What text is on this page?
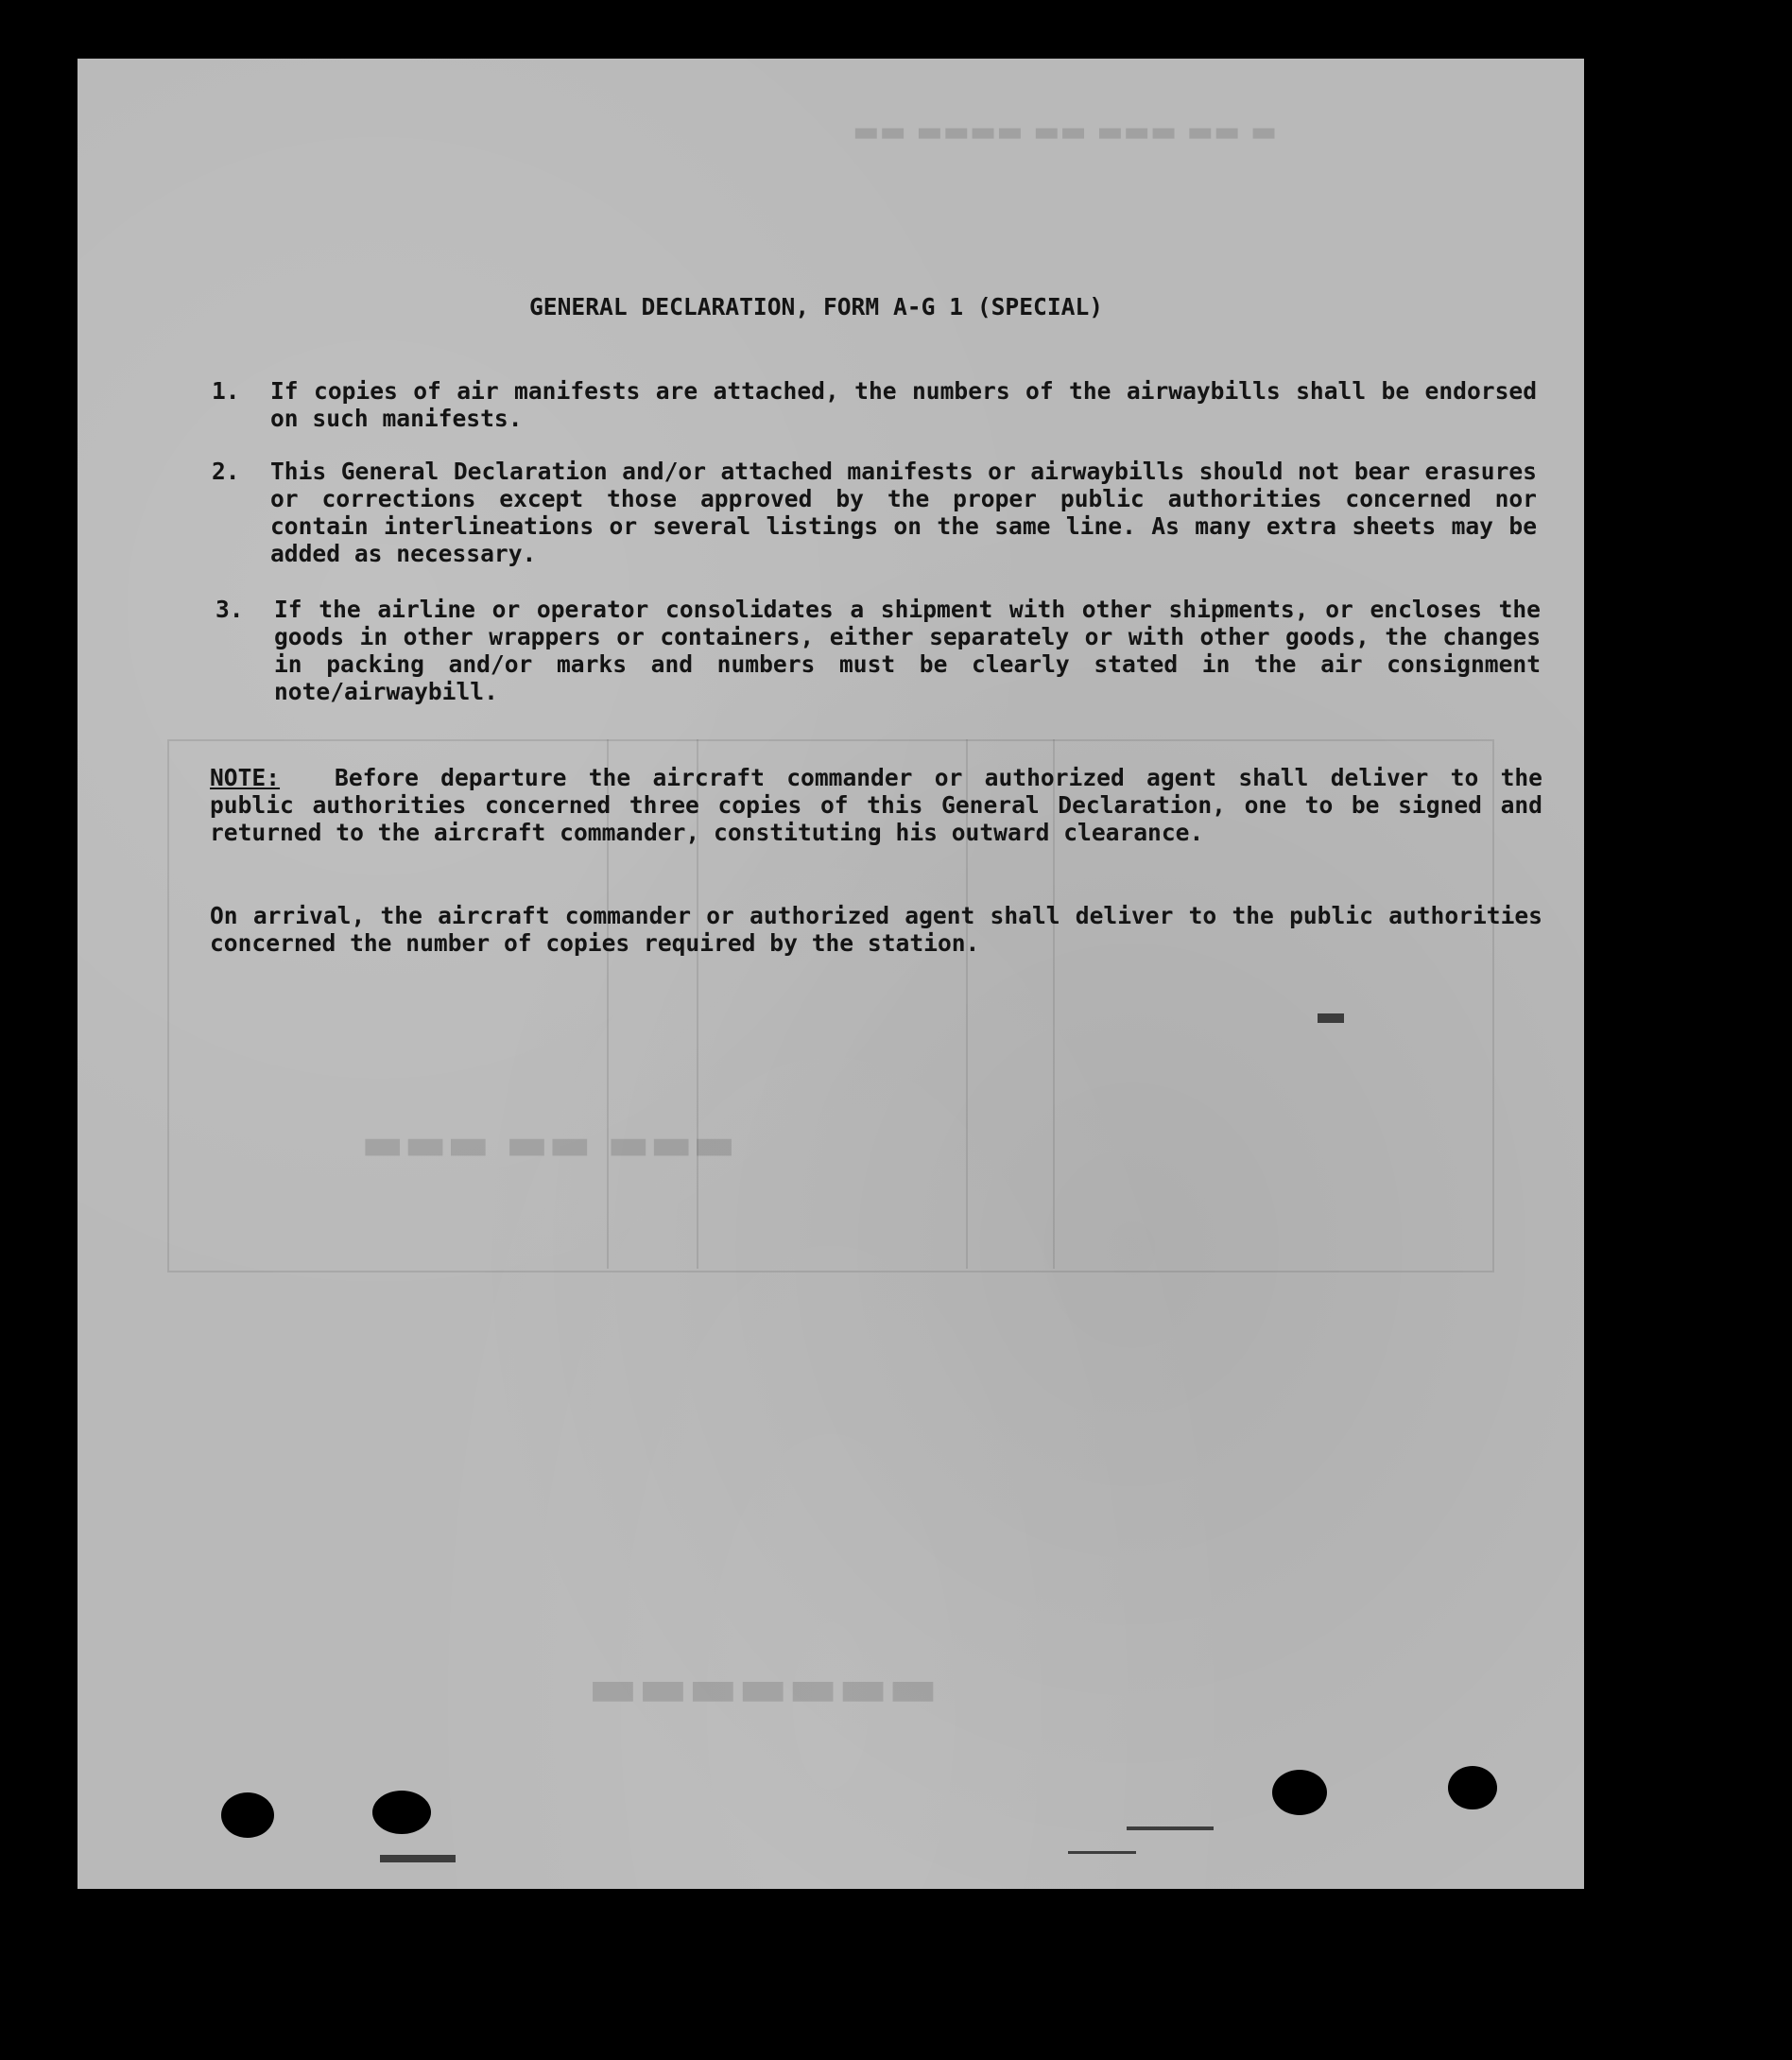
▬ ▬▬ ▬▬▬ ▬▬ ▬▬▬▬ ▬▬
▬▬▬▬▬▬▬
▬▬▬ ▬▬ ▬▬▬
GENERAL DECLARATION, FORM A-G 1 (SPECIAL)
1. If copies of air manifests are attached, the numbers of the airwaybills shall be endorsed on such manifests.
2. This General Declaration and/or attached manifests or airwaybills should not bear erasures or corrections except those approved by the proper public authorities concerned nor contain interlineations or several listings on the same line. As many extra sheets may be added as necessary.
3. If the airline or operator consolidates a shipment with other shipments, or encloses the goods in other wrappers or containers, either separately or with other goods, the changes in packing and/or marks and numbers must be clearly stated in the air consignment note/airwaybill.
NOTE: Before departure the aircraft commander or authorized agent shall deliver to the public authorities concerned three copies of this General Declaration, one to be signed and returned to the aircraft commander, constituting his outward clearance.
On arrival, the aircraft commander or authorized agent shall deliver to the public authorities concerned the number of copies required by the station.
